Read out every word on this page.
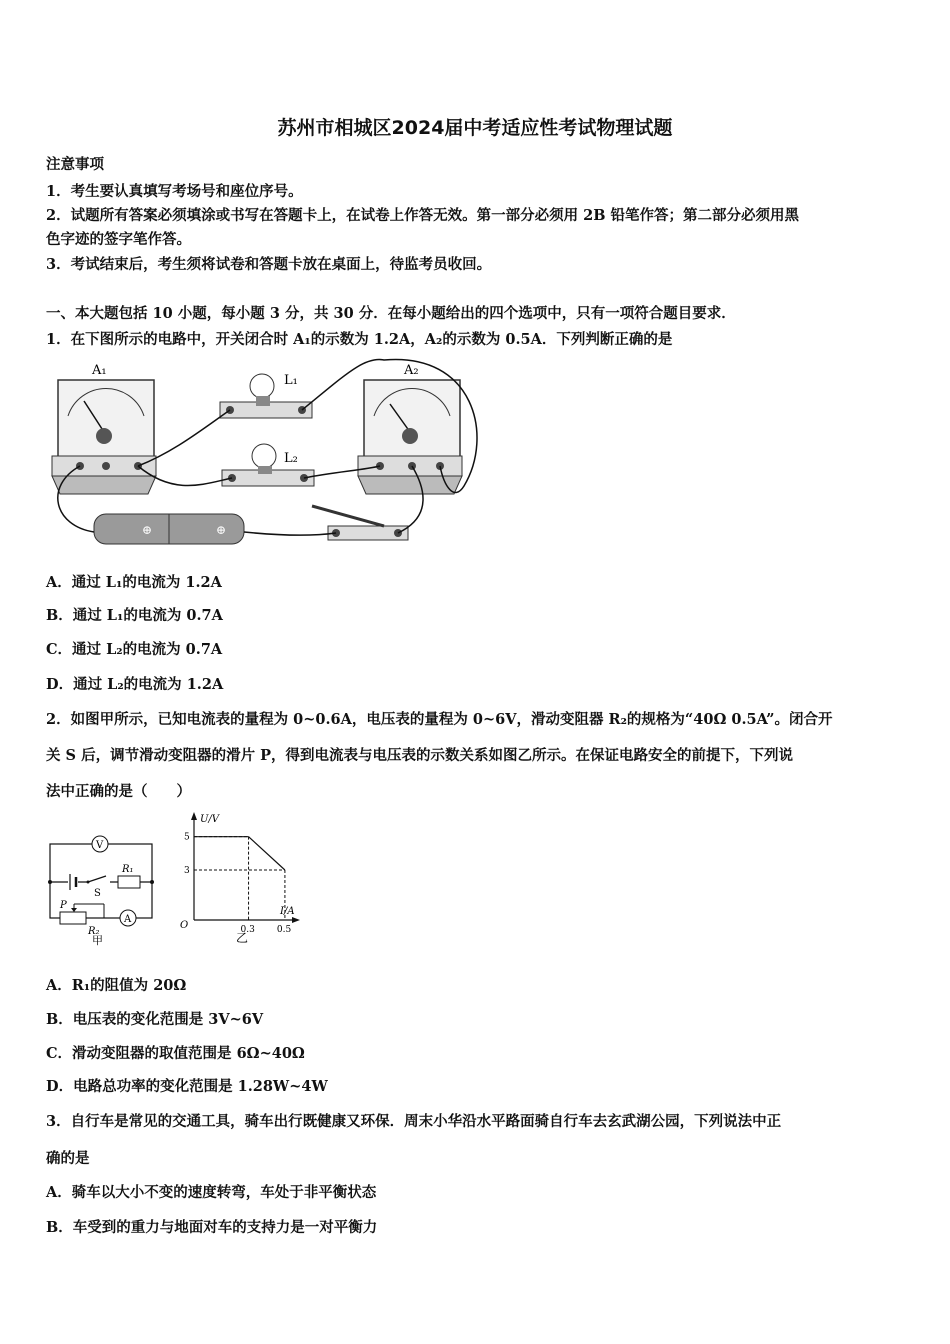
苏州市相城区2024届中考适应性考试物理试题
注意事项
1．考生要认真填写考场号和座位序号。
2．试题所有答案必须填涂或书写在答题卡上，在试卷上作答无效。第一部分必须用 2B 铅笔作答；第二部分必须用黑
色字迹的签字笔作答。
3．考试结束后，考生须将试卷和答题卡放在桌面上，待监考员收回。
一、本大题包括 10 小题，每小题 3 分，共 30 分．在每小题给出的四个选项中，只有一项符合题目要求．
1．在下图所示的电路中，开关闭合时 A₁的示数为 1.2A，A₂的示数为 0.5A．下列判断正确的是
A₁
L₁
L₂
A₂
⊕	⊕
A．通过 L₁的电流为 1.2A
B．通过 L₁的电流为 0.7A
C．通过 L₂的电流为 0.7A
D．通过 L₂的电流为 1.2A
2．如图甲所示，已知电流表的量程为 0~0.6A，电压表的量程为 0~6V，滑动变阻器 R₂的规格为“40Ω 0.5A”。闭合开
关 S 后，调节滑动变阻器的滑片 P，得到电流表与电压表的示数关系如图乙所示。在保证电路安全的前提下，下列说
法中正确的是（　　）
V
S
R₁
P
R₂
A
甲
U/V
I/A
O
5
3
0.3 0.5
乙
A．R₁的阻值为 20Ω
B．电压表的变化范围是 3V~6V
C．滑动变阻器的取值范围是 6Ω~40Ω
D．电路总功率的变化范围是 1.28W~4W
3．自行车是常见的交通工具，骑车出行既健康又环保．周末小华沿水平路面骑自行车去玄武湖公园，下列说法中正
确的是
A．骑车以大小不变的速度转弯，车处于非平衡状态
B．车受到的重力与地面对车的支持力是一对平衡力
